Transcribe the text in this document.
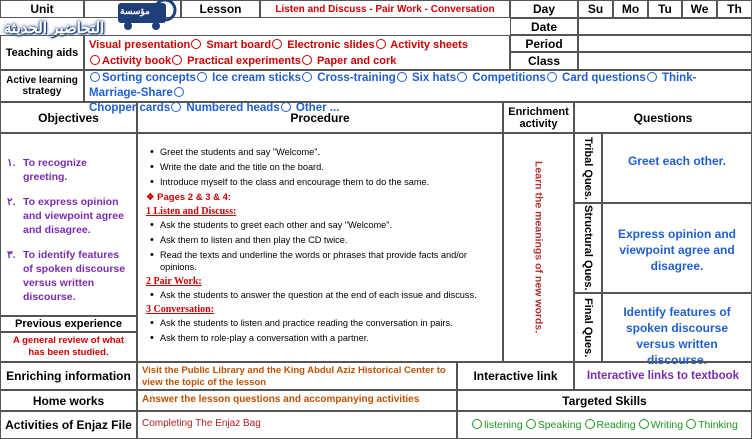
Unit	Lesson	Listen and Discuss - Pair Work - Conversation	Day	Su Mo Tu We Th
مؤسسة
التحاضير الحديثة
Teaching aids
Visual presentation Smart board Electronic slides Activity sheets
Activity book Practical experiments Paper and cork
Date
Period
Class
Active learning strategy
Sorting concepts Ice cream sticks Cross-training Six hats Competitions Card questions Think-Marriage-Share
Chopper cards Numbered heads Other ...
Objectives	Procedure	Enrichment activity	Questions
١. To recognize greeting.
٢. To express opinion and viewpoint agree and disagree.
٣. To identify features of spoken discourse versus written discourse.
Previous experience
A general review of what has been studied.
• Greet the students and say "Welcome".
• Write the date and the title on the board.
• Introduce myself to the class and encourage them to do the same.
❖ Pages 2 & 3 & 4:
1 Listen and Discuss:
• Ask the students to greet each other and say "Welcome".
• Ask them to listen and then play the CD twice.
• Read the texts and underline the words or phrases that provide facts and/or opinions.
2 Pair Work:
• Ask the students to answer the question at the end of each issue and discuss.
3 Conversation:
• Ask the students to listen and practice reading the conversation in pairs.
• Ask them to role-play a conversation with a partner.
Learn the meanings of new words.	Tribal Ques.	Greet each other.
Structural Ques.	Express opinion and viewpoint agree and disagree.
Final Ques.	Identify features of spoken discourse versus written discourse.
Enriching information	Visit the Public Library and the King Abdul Aziz Historical Center to view the topic of the lesson	Interactive link	Interactive links to textbook
Home works	Answer the lesson questions and accompanying activities	Targeted Skills
Activities of Enjaz File	Completing The Enjaz Bag	listening	Speaking	Reading	Writing	Thinking
